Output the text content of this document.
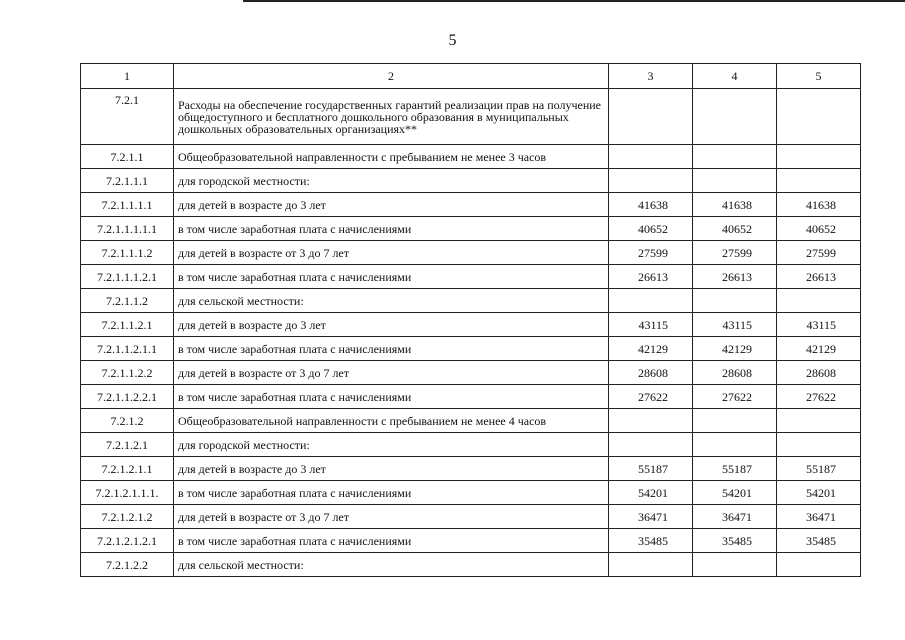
5
1	2	3	4	5
7.2.1	Расходы на обеспечение государственных гарантий реализации прав на получение общедоступного и бесплатного дошкольного образования в муниципальных дошкольных образовательных организациях**			
7.2.1.1	Общеобразовательной направленности с пребыванием не менее 3 часов			
7.2.1.1.1	для городской местности:			
7.2.1.1.1.1	для детей в возрасте до 3 лет	41638	41638	41638
7.2.1.1.1.1.1	в том числе заработная плата с начислениями	40652	40652	40652
7.2.1.1.1.2	для детей в возрасте от 3 до 7 лет	27599	27599	27599
7.2.1.1.1.2.1	в том числе заработная плата с начислениями	26613	26613	26613
7.2.1.1.2	для сельской местности:			
7.2.1.1.2.1	для детей в возрасте до 3 лет	43115	43115	43115
7.2.1.1.2.1.1	в том числе заработная плата с начислениями	42129	42129	42129
7.2.1.1.2.2	для детей в возрасте от 3 до 7 лет	28608	28608	28608
7.2.1.1.2.2.1	в том числе заработная плата с начислениями	27622	27622	27622
7.2.1.2	Общеобразовательной направленности с пребыванием не менее 4 часов			
7.2.1.2.1	для городской местности:			
7.2.1.2.1.1	для детей в возрасте до 3 лет	55187	55187	55187
7.2.1.2.1.1.1.	в том числе заработная плата с начислениями	54201	54201	54201
7.2.1.2.1.2	для детей в возрасте от 3 до 7 лет	36471	36471	36471
7.2.1.2.1.2.1	в том числе заработная плата с начислениями	35485	35485	35485
7.2.1.2.2	для сельской местности:			
